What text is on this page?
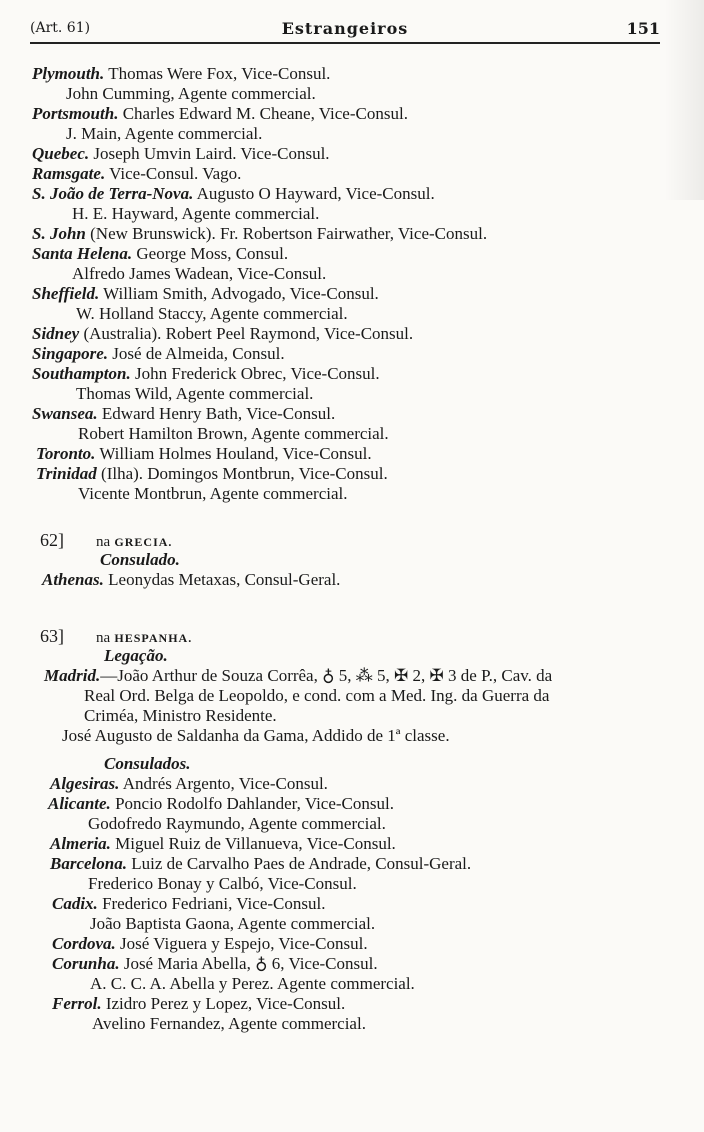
(Art. 61)	Estrangeiros	151
Plymouth. Thomas Were Fox, Vice-Consul.
John Cumming, Agente commercial.
Portsmouth. Charles Edward M. Cheane, Vice-Consul.
J. Main, Agente commercial.
Quebec. Joseph Umvin Laird. Vice-Consul.
Ramsgate. Vice-Consul. Vago.
S. João de Terra-Nova. Augusto O Hayward, Vice-Consul.
H. E. Hayward, Agente commercial.
S. John (New Brunswick). Fr. Robertson Fairwather, Vice-Consul.
Santa Helena. George Moss, Consul.
Alfredo James Wadean, Vice-Consul.
Sheffield. William Smith, Advogado, Vice-Consul.
W. Holland Staccy, Agente commercial.
Sidney (Australia). Robert Peel Raymond, Vice-Consul.
Singapore. José de Almeida, Consul.
Southampton. John Frederick Obrec, Vice-Consul.
Thomas Wild, Agente commercial.
Swansea. Edward Henry Bath, Vice-Consul.
Robert Hamilton Brown, Agente commercial.
Toronto. William Holmes Houland, Vice-Consul.
Trinidad (Ilha). Domingos Montbrun, Vice-Consul.
Vicente Montbrun, Agente commercial.
62] na GRECIA.
Consulado.
Athenas. Leonydas Metaxas, Consul-Geral.
63] na HESPANHA.
Legação.
Madrid.—João Arthur de Souza Corrêa, ♁ 5, ⁂ 5, ✠ 2, ✠ 3 de P., Cav. da
Real Ord. Belga de Leopoldo, e cond. com a Med. Ing. da Guerra da
Criméa, Ministro Residente.
José Augusto de Saldanha da Gama, Addido de 1ª classe.
Consulados.
Algesiras. Andrés Argento, Vice-Consul.
Alicante. Poncio Rodolfo Dahlander, Vice-Consul.
Godofredo Raymundo, Agente commercial.
Almeria. Miguel Ruiz de Villanueva, Vice-Consul.
Barcelona. Luiz de Carvalho Paes de Andrade, Consul-Geral.
Frederico Bonay y Calbó, Vice-Consul.
Cadix. Frederico Fedriani, Vice-Consul.
João Baptista Gaona, Agente commercial.
Cordova. José Viguera y Espejo, Vice-Consul.
Corunha. José Maria Abella, ♁ 6, Vice-Consul.
A. C. C. A. Abella y Perez. Agente commercial.
Ferrol. Izidro Perez y Lopez, Vice-Consul.
Avelino Fernandez, Agente commercial.
